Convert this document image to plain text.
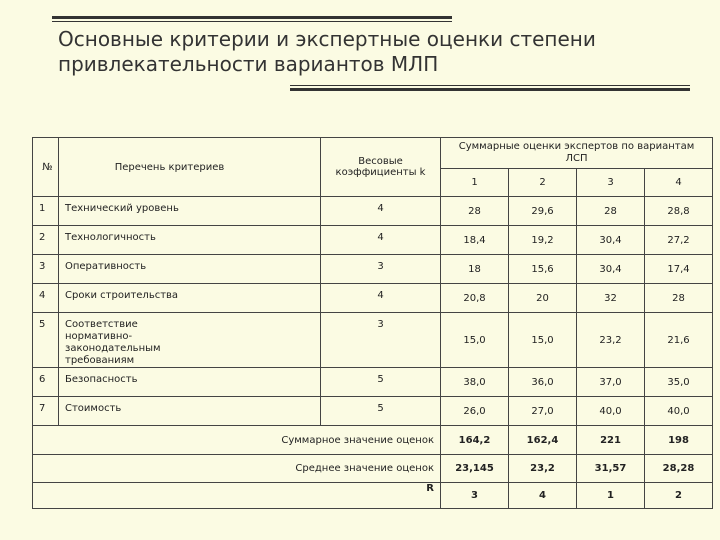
Основные критерии и экспертные оценки степени привлекательности вариантов МЛП
№	Перечень критериев	Весовые коэффициенты k	Суммарные оценки экспертов по вариантам ЛСП			
			1	2	3	4
1	Технический уровень	4	28	29,6	28	28,8
2	Технологичность	4	18,4	19,2	30,4	27,2
3	Оперативность	3	18	15,6	30,4	17,4
4	Сроки строительства	4	20,8	20	32	28
5	Соответствие нормативно-законодательным требованиям	3	15,0	15,0	23,2	21,6
6	Безопасность	5	38,0	36,0	37,0	35,0
7	Стоимость	5	26,0	27,0	40,0	40,0
Суммарное значение оценок			164,2	162,4	221	198
Среднее значение оценок			23,145	23,2	31,57	28,28
R			3	4	1	2
